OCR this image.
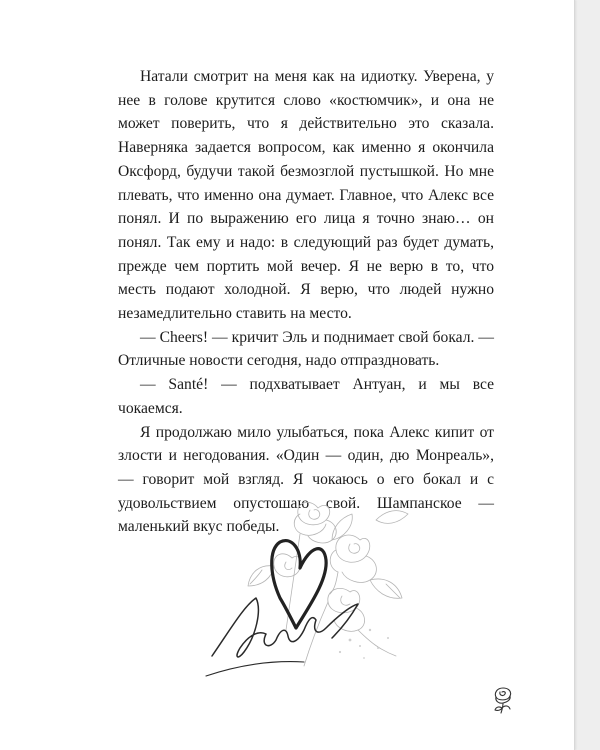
Натали смотрит на меня как на идиотку. Уверена, у нее в голове крутится слово «костюмчик», и она не может поверить, что я действительно это сказала. Наверняка задается вопросом, как именно я окончила Оксфорд, будучи такой безмозглой пустышкой. Но мне плевать, что именно она думает. Главное, что Алекс все понял. И по выражению его лица я точно знаю… он понял. Так ему и надо: в следующий раз будет думать, прежде чем портить мой вечер. Я не верю в то, что месть подают холодной. Я верю, что людей нужно незамедлительно ставить на место.

— Cheers! — кричит Эль и поднимает свой бокал. — Отличные новости сегодня, надо отпраздновать.

— Santé! — подхватывает Антуан, и мы все чокаемся.

Я продолжаю мило улыбаться, пока Алекс кипит от злости и негодования. «Один — один, дю Монреаль», — говорит мой взгляд. Я чокаюсь о его бокал и с удовольствием опустошаю свой. Шампанское — маленький вкус победы.
